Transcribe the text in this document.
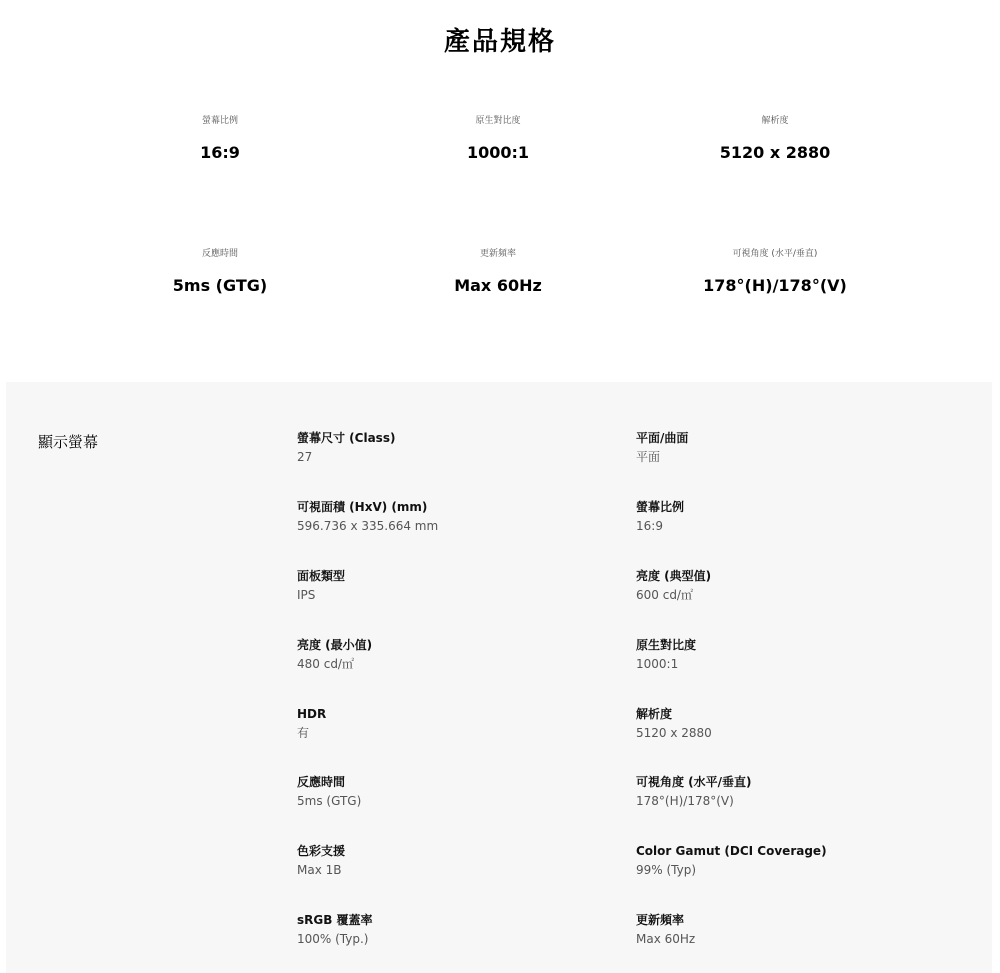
產品規格
螢幕比例
16:9
原生對比度
1000:1
解析度
5120 x 2880
反應時間
5ms (GTG)
更新頻率
Max 60Hz
可視角度 (水平/垂直)
178°(H)/178°(V)
顯示螢幕	螢幕尺寸 (Class)
27
平面/曲面
平面
可視面積 (HxV) (mm)
596.736 x 335.664 mm
螢幕比例
16:9
面板類型
IPS
亮度 (典型值)
600 cd/㎡
亮度 (最小值)
480 cd/㎡
原生對比度
1000:1
HDR
有
解析度
5120 x 2880
反應時間
5ms (GTG)
可視角度 (水平/垂直)
178°(H)/178°(V)
色彩支援
Max 1B
Color Gamut (DCI Coverage)
99% (Typ)
sRGB 覆蓋率
100% (Typ.)
更新頻率
Max 60Hz
